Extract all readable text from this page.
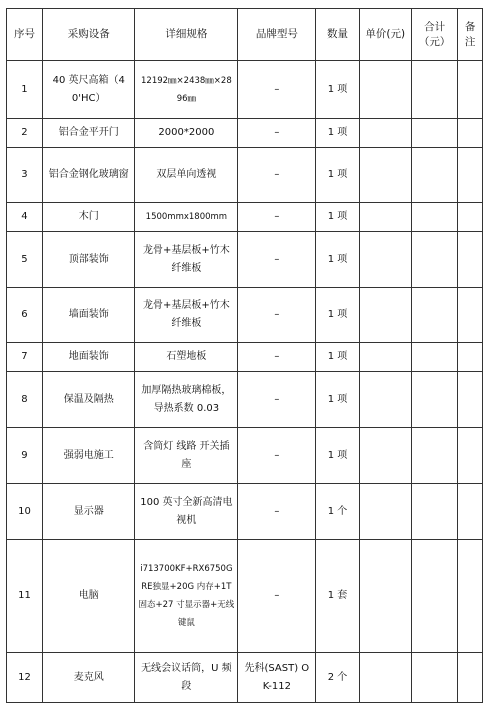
序号	采购设备	详细规格	品牌型号	数量	单价(元)	合计（元）	备注
1	40 英尺高箱（40'HC）	12192㎜×2438㎜×2896㎜	–	1 项			
2	铝合金平开门	2000*2000	–	1 项			
3	铝合金钢化玻璃窗	双层单向透视	–	1 项			
4	木门	1500mmx1800mm	–	1 项			
5	顶部装饰	龙骨+基层板+竹木纤维板	–	1 项			
6	墙面装饰	龙骨+基层板+竹木纤维板	–	1 项			
7	地面装饰	石塑地板	–	1 项			
8	保温及隔热	加厚隔热玻璃棉板，导热系数 0.03	–	1 项			
9	强弱电施工	含筒灯 线路 开关插座	–	1 项			
10	显示器	100 英寸全新高清电视机	–	1 个			
11	电脑	i713700KF+RX6750GRE独显+20G 内存+1T 固态+27 寸显示器+无线键鼠	–	1 套			
12	麦克风	无线会议话筒，U 频段	先科(SAST) OK-112	2 个			
